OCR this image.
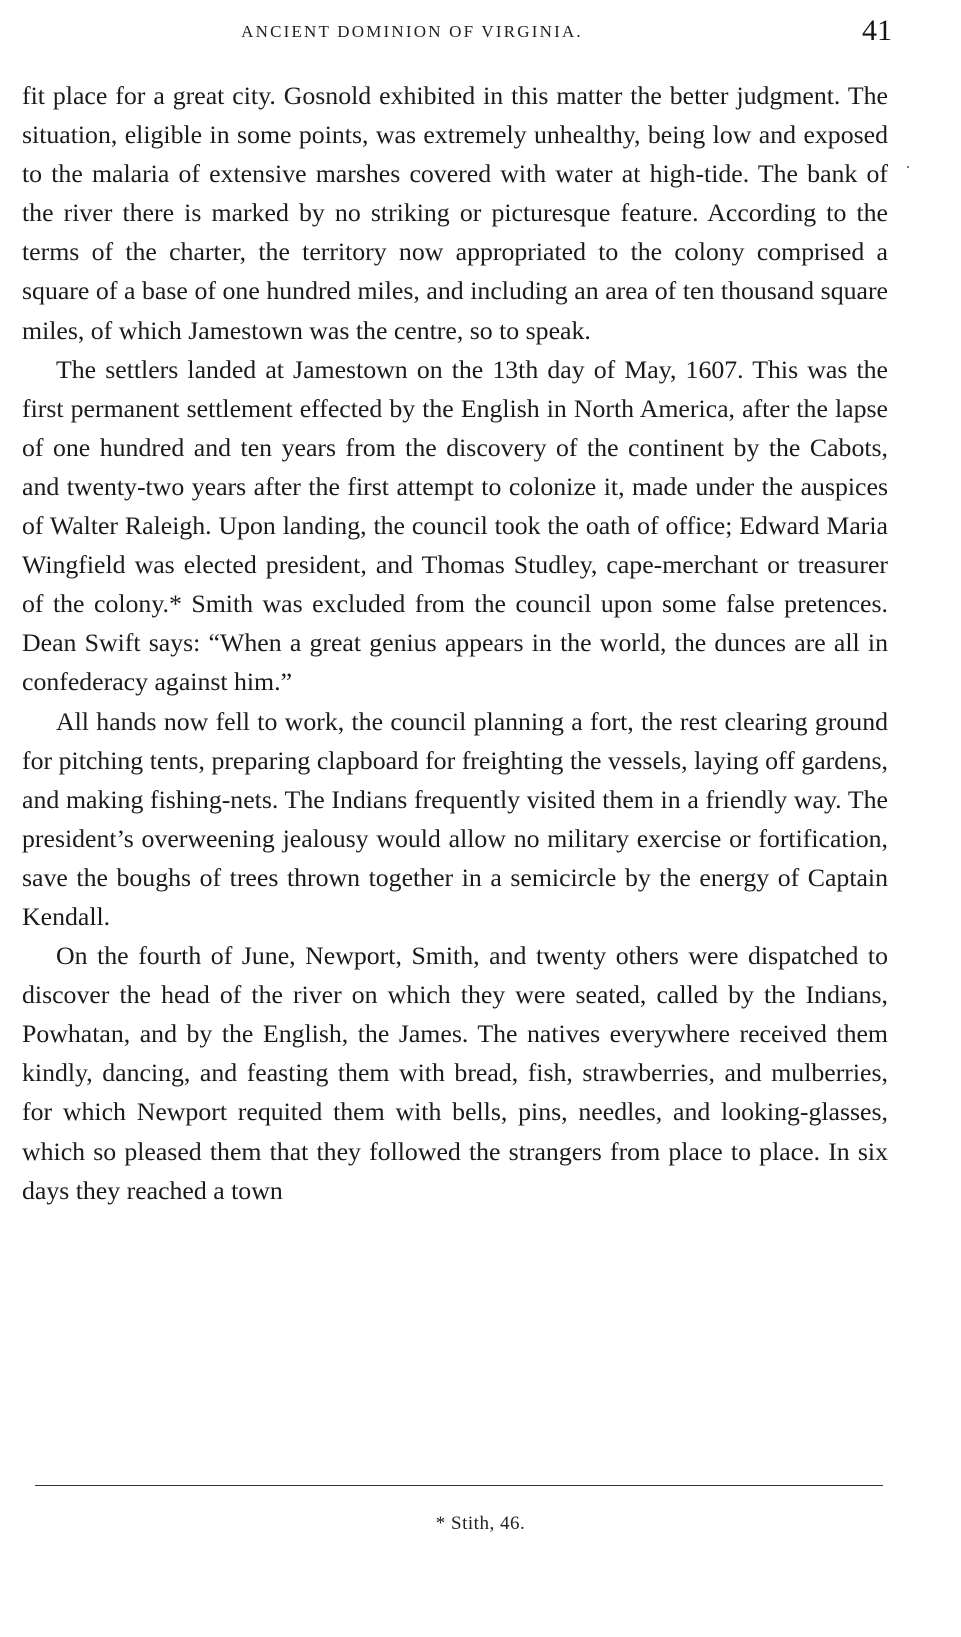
ANCIENT DOMINION OF VIRGINIA.	41

fit place for a great city. Gosnold exhibited in this matter the better judgment. The situation, eligible in some points, was extremely unhealthy, being low and exposed to the malaria of extensive marshes covered with water at high-tide. The bank of the river there is marked by no striking or picturesque feature. According to the terms of the charter, the territory now appropriated to the colony comprised a square of a base of one hundred miles, and including an area of ten thousand square miles, of which Jamestown was the centre, so to speak.

The settlers landed at Jamestown on the 13th day of May, 1607. This was the first permanent settlement effected by the English in North America, after the lapse of one hundred and ten years from the discovery of the continent by the Cabots, and twenty-two years after the first attempt to colonize it, made under the auspices of Walter Raleigh. Upon landing, the council took the oath of office; Edward Maria Wingfield was elected president, and Thomas Studley, cape-merchant or treasurer of the colony.* Smith was excluded from the council upon some false pretences. Dean Swift says: “When a great genius appears in the world, the dunces are all in confederacy against him.”

All hands now fell to work, the council planning a fort, the rest clearing ground for pitching tents, preparing clapboard for freighting the vessels, laying off gardens, and making fishing-nets. The Indians frequently visited them in a friendly way. The president’s overweening jealousy would allow no military exercise or fortification, save the boughs of trees thrown together in a semicircle by the energy of Captain Kendall.

On the fourth of June, Newport, Smith, and twenty others were dispatched to discover the head of the river on which they were seated, called by the Indians, Powhatan, and by the English, the James. The natives everywhere received them kindly, dancing, and feasting them with bread, fish, strawberries, and mulberries, for which Newport requited them with bells, pins, needles, and looking-glasses, which so pleased them that they followed the strangers from place to place. In six days they reached a town

* Stith, 46.
